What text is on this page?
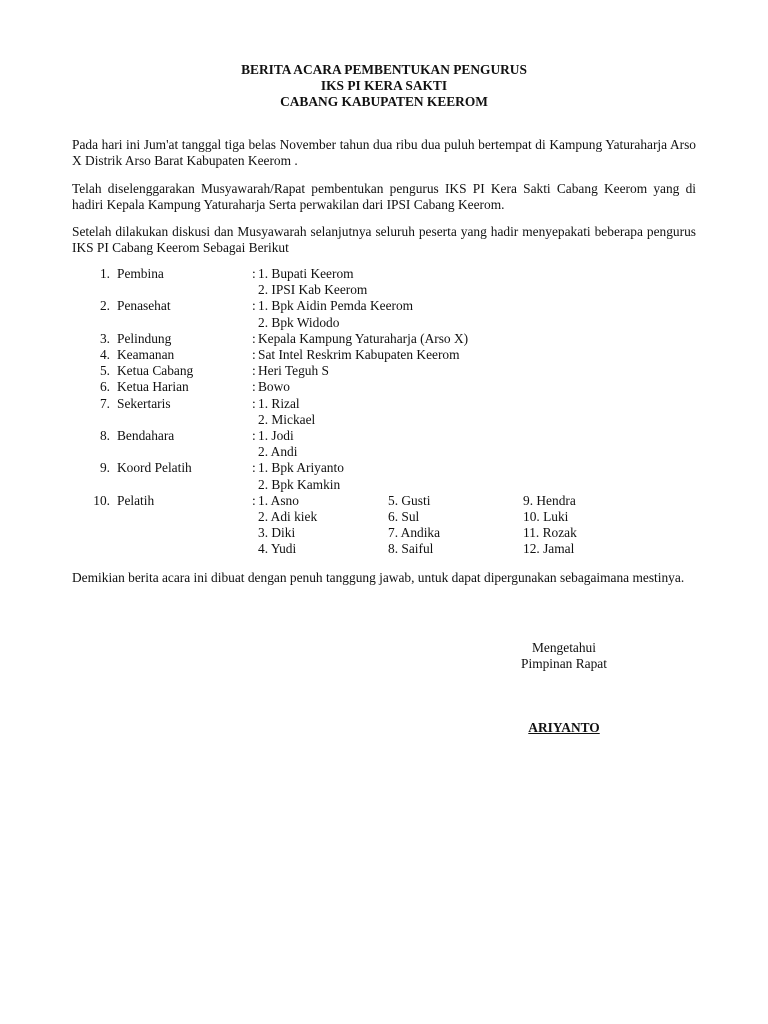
BERITA ACARA PEMBENTUKAN PENGURUS
IKS PI KERA SAKTI
CABANG KABUPATEN KEEROM
Pada hari ini Jum'at tanggal tiga belas November tahun dua ribu dua puluh bertempat di Kampung Yaturaharja Arso X Distrik Arso Barat Kabupaten Keerom .
Telah diselenggarakan Musyawarah/Rapat pembentukan pengurus IKS PI Kera Sakti Cabang Keerom yang di hadiri Kepala Kampung Yaturaharja Serta perwakilan dari IPSI Cabang Keerom.
Setelah dilakukan diskusi dan Musyawarah selanjutnya seluruh peserta yang hadir menyepakati beberapa pengurus IKS PI Cabang Keerom Sebagai Berikut
1. Pembina	: 1. Bupati Keerom
2. IPSI Kab Keerom
2. Penasehat	: 1. Bpk Aidin Pemda Keerom
2. Bpk Widodo
3. Pelindung	: Kepala Kampung Yaturaharja (Arso X)
4. Keamanan	: Sat Intel Reskrim Kabupaten Keerom
5. Ketua Cabang	: Heri Teguh S
6. Ketua Harian	: Bowo
7. Sekertaris	: 1. Rizal
2. Mickael
8. Bendahara	: 1. Jodi
2. Andi
9. Koord Pelatih	: 1. Bpk Ariyanto
2. Bpk Kamkin
10. Pelatih	: 1. Asno	5. Gusti	9. Hendra
2. Adi kiek	6. Sul	10. Luki
3. Diki	7. Andika	11. Rozak
4. Yudi	8. Saiful	12. Jamal
Demikian berita acara ini dibuat dengan penuh tanggung jawab, untuk dapat dipergunakan sebagaimana mestinya.
Mengetahui
Pimpinan Rapat
ARIYANTO
